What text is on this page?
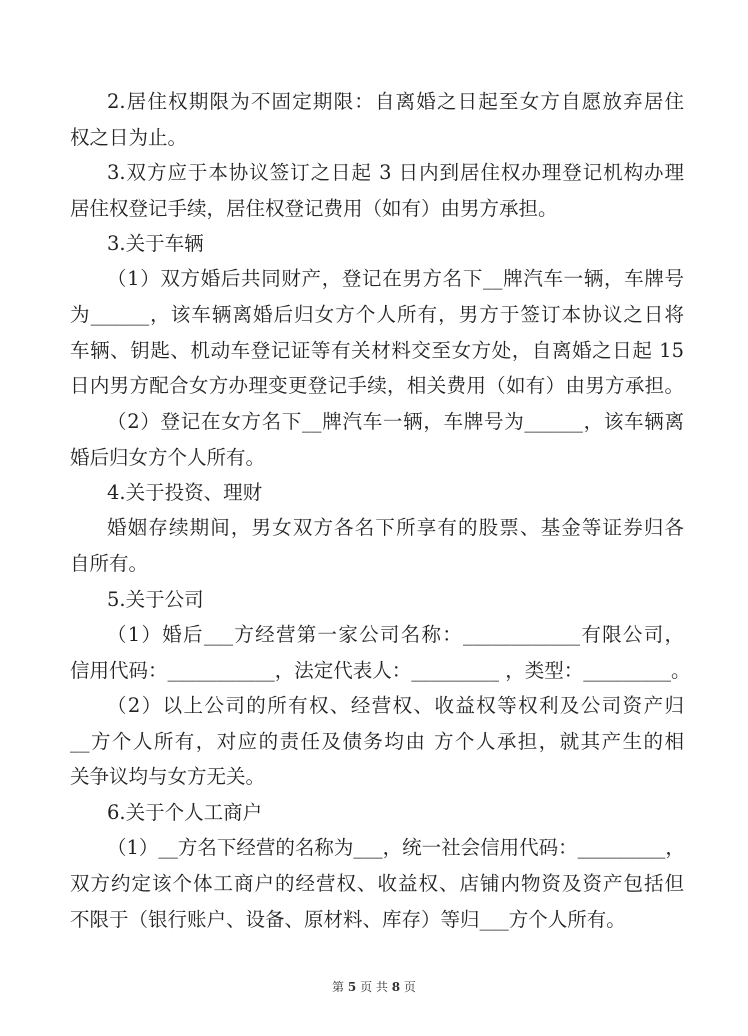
2.居住权期限为不固定期限：自离婚之日起至女方自愿放弃居住
权之日为止。
3.双方应于本协议签订之日起 3 日内到居住权办理登记机构办理
居住权登记手续，居住权登记费用（如有）由男方承担。
3.关于车辆
（1）双方婚后共同财产，登记在男方名下__牌汽车一辆，车牌号
为______，该车辆离婚后归女方个人所有，男方于签订本协议之日将
车辆、钥匙、机动车登记证等有关材料交至女方处，自离婚之日起 15
日内男方配合女方办理变更登记手续，相关费用（如有）由男方承担。
（2）登记在女方名下__牌汽车一辆，车牌号为______，该车辆离
婚后归女方个人所有。
4.关于投资、理财
婚姻存续期间，男女双方各名下所享有的股票、基金等证券归各
自所有。
5.关于公司
（1）婚后___方经营第一家公司名称：____________有限公司，
信用代码：___________，法定代表人：_________ ，类型：_________。
（2）以上公司的所有权、经营权、收益权等权利及公司资产归
__方个人所有，对应的责任及债务均由 方个人承担，就其产生的相
关争议均与女方无关。
6.关于个人工商户
（1）__方名下经营的名称为___，统一社会信用代码：_________，
双方约定该个体工商户的经营权、收益权、店铺内物资及资产包括但
不限于（银行账户、设备、原材料、库存）等归___方个人所有。
第 5 页 共 8 页
